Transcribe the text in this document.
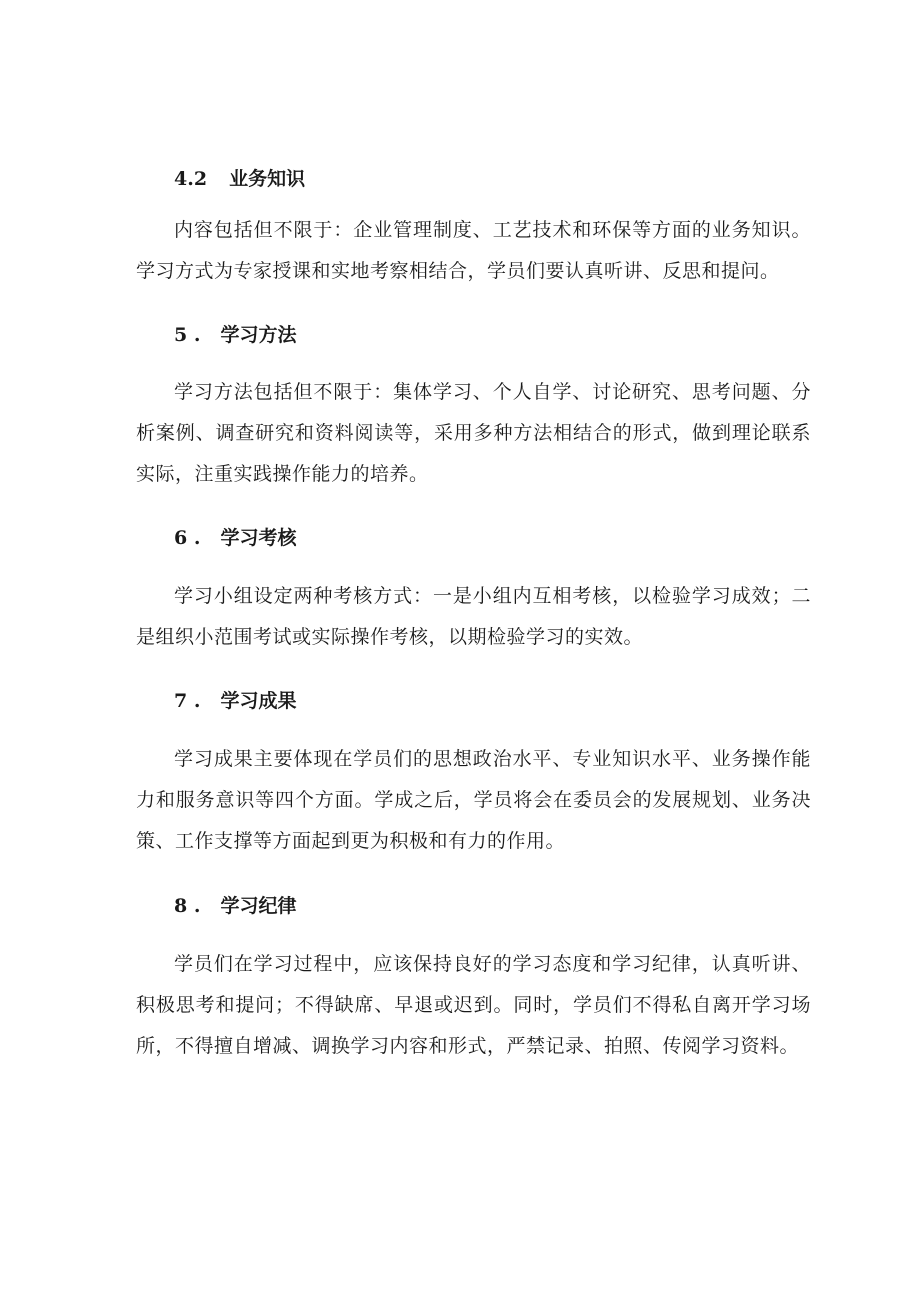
4.2 业务知识
内容包括但不限于：企业管理制度、工艺技术和环保等方面的业务知识。学习方式为专家授课和实地考察相结合，学员们要认真听讲、反思和提问。
5 . 学习方法
学习方法包括但不限于：集体学习、个人自学、讨论研究、思考问题、分析案例、调查研究和资料阅读等，采用多种方法相结合的形式，做到理论联系实际，注重实践操作能力的培养。
6 . 学习考核
学习小组设定两种考核方式：一是小组内互相考核，以检验学习成效；二是组织小范围考试或实际操作考核，以期检验学习的实效。
7 . 学习成果
学习成果主要体现在学员们的思想政治水平、专业知识水平、业务操作能力和服务意识等四个方面。学成之后，学员将会在委员会的发展规划、业务决策、工作支撑等方面起到更为积极和有力的作用。
8 . 学习纪律
学员们在学习过程中，应该保持良好的学习态度和学习纪律，认真听讲、积极思考和提问；不得缺席、早退或迟到。同时，学员们不得私自离开学习场所，不得擅自增减、调换学习内容和形式，严禁记录、拍照、传阅学习资料。
